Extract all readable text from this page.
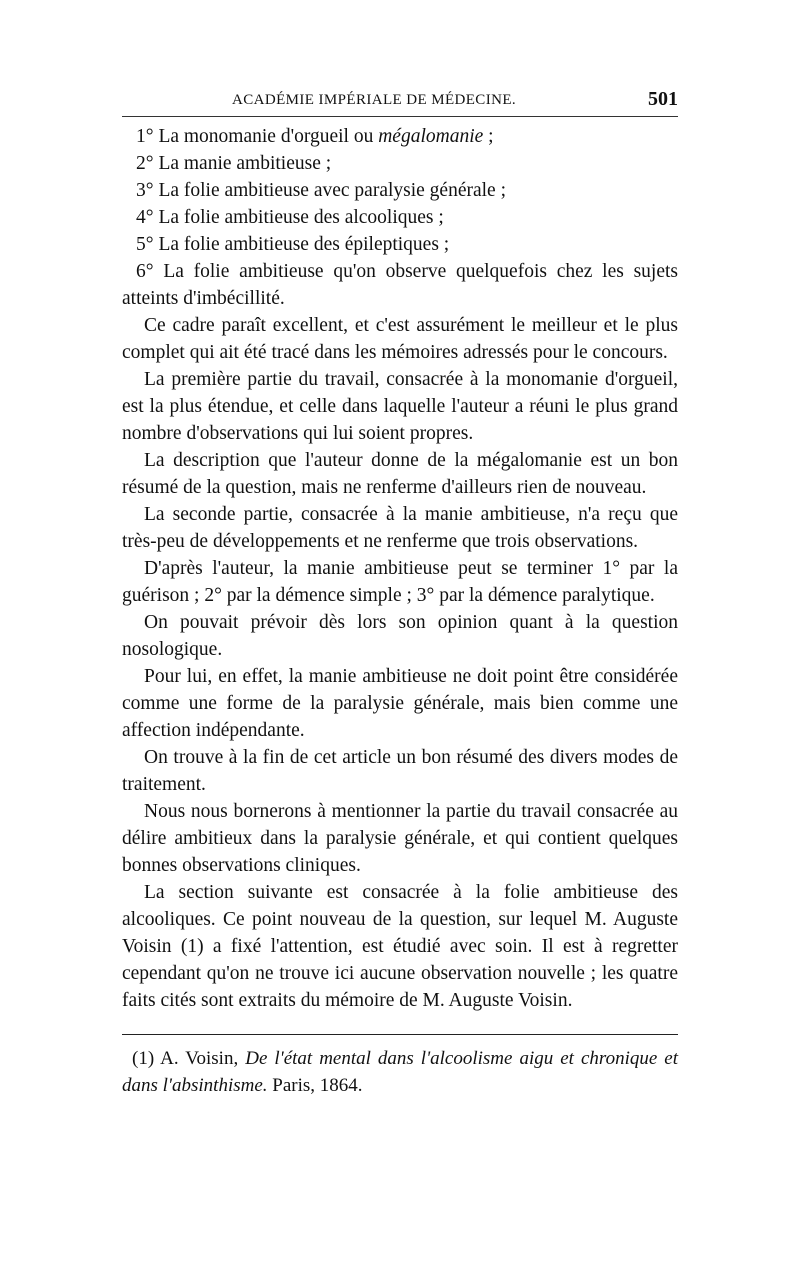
ACADÉMIE IMPÉRIALE DE MÉDECINE.	501

1° La monomanie d'orgueil ou mégalomanie ;

2° La manie ambitieuse ;

3° La folie ambitieuse avec paralysie générale ;

4° La folie ambitieuse des alcooliques ;

5° La folie ambitieuse des épileptiques ;

6° La folie ambitieuse qu'on observe quelquefois chez les sujets atteints d'imbécillité.

Ce cadre paraît excellent, et c'est assurément le meilleur et le plus complet qui ait été tracé dans les mémoires adressés pour le concours.

La première partie du travail, consacrée à la monomanie d'orgueil, est la plus étendue, et celle dans laquelle l'auteur a réuni le plus grand nombre d'observations qui lui soient propres.

La description que l'auteur donne de la mégalomanie est un bon résumé de la question, mais ne renferme d'ailleurs rien de nouveau.

La seconde partie, consacrée à la manie ambitieuse, n'a reçu que très-peu de développements et ne renferme que trois observations.

D'après l'auteur, la manie ambitieuse peut se terminer 1° par la guérison ; 2° par la démence simple ; 3° par la démence paralytique.

On pouvait prévoir dès lors son opinion quant à la question nosologique.

Pour lui, en effet, la manie ambitieuse ne doit point être considérée comme une forme de la paralysie générale, mais bien comme une affection indépendante.

On trouve à la fin de cet article un bon résumé des divers modes de traitement.

Nous nous bornerons à mentionner la partie du travail consacrée au délire ambitieux dans la paralysie générale, et qui contient quelques bonnes observations cliniques.

La section suivante est consacrée à la folie ambitieuse des alcooliques. Ce point nouveau de la question, sur lequel M. Auguste Voisin (1) a fixé l'attention, est étudié avec soin. Il est à regretter cependant qu'on ne trouve ici aucune observation nouvelle ; les quatre faits cités sont extraits du mémoire de M. Auguste Voisin.

(1) A. Voisin, De l'état mental dans l'alcoolisme aigu et chronique et dans l'absinthisme. Paris, 1864.
